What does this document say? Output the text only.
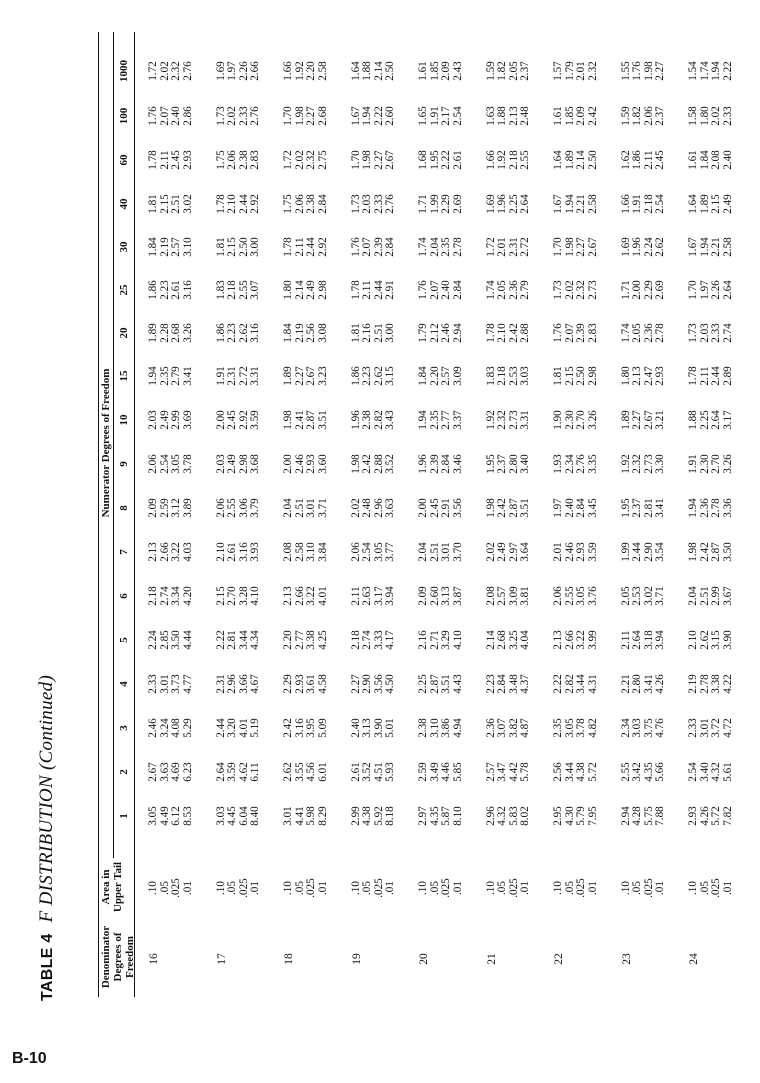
B-10
TABLE 4 F DISTRIBUTION (Continued)
Denominator Degrees of Freedom
Area in Upper Tail
Numerator Degrees of Freedom
1
2
3
4
5
6
7
8
9
10
15
20
25
30
40
60
100
1000
16
.10
3.05
2.67
2.46
2.33
2.24
2.18
2.13
2.09
2.06
2.03
1.94
1.89
1.86
1.84
1.81
1.78
1.76
1.72
.05
4.49
3.63
3.24
3.01
2.85
2.74
2.66
2.59
2.54
2.49
2.35
2.28
2.23
2.19
2.15
2.11
2.07
2.02
.025
6.12
4.69
4.08
3.73
3.50
3.34
3.22
3.12
3.05
2.99
2.79
2.68
2.61
2.57
2.51
2.45
2.40
2.32
.01
8.53
6.23
5.29
4.77
4.44
4.20
4.03
3.89
3.78
3.69
3.41
3.26
3.16
3.10
3.02
2.93
2.86
2.76
17
.10
3.03
2.64
2.44
2.31
2.22
2.15
2.10
2.06
2.03
2.00
1.91
1.86
1.83
1.81
1.78
1.75
1.73
1.69
.05
4.45
3.59
3.20
2.96
2.81
2.70
2.61
2.55
2.49
2.45
2.31
2.23
2.18
2.15
2.10
2.06
2.02
1.97
.025
6.04
4.62
4.01
3.66
3.44
3.28
3.16
3.06
2.98
2.92
2.72
2.62
2.55
2.50
2.44
2.38
2.33
2.26
.01
8.40
6.11
5.19
4.67
4.34
4.10
3.93
3.79
3.68
3.59
3.31
3.16
3.07
3.00
2.92
2.83
2.76
2.66
18
.10
3.01
2.62
2.42
2.29
2.20
2.13
2.08
2.04
2.00
1.98
1.89
1.84
1.80
1.78
1.75
1.72
1.70
1.66
.05
4.41
3.55
3.16
2.93
2.77
2.66
2.58
2.51
2.46
2.41
2.27
2.19
2.14
2.11
2.06
2.02
1.98
1.92
.025
5.98
4.56
3.95
3.61
3.38
3.22
3.10
3.01
2.93
2.87
2.67
2.56
2.49
2.44
2.38
2.32
2.27
2.20
.01
8.29
6.01
5.09
4.58
4.25
4.01
3.84
3.71
3.60
3.51
3.23
3.08
2.98
2.92
2.84
2.75
2.68
2.58
19
.10
2.99
2.61
2.40
2.27
2.18
2.11
2.06
2.02
1.98
1.96
1.86
1.81
1.78
1.76
1.73
1.70
1.67
1.64
.05
4.38
3.52
3.13
2.90
2.74
2.63
2.54
2.48
2.42
2.38
2.23
2.16
2.11
2.07
2.03
1.98
1.94
1.88
.025
5.92
4.51
3.90
3.56
3.33
3.17
3.05
2.96
2.88
2.82
2.62
2.51
2.44
2.39
2.33
2.27
2.22
2.14
.01
8.18
5.93
5.01
4.50
4.17
3.94
3.77
3.63
3.52
3.43
3.15
3.00
2.91
2.84
2.76
2.67
2.60
2.50
20
.10
2.97
2.59
2.38
2.25
2.16
2.09
2.04
2.00
1.96
1.94
1.84
1.79
1.76
1.74
1.71
1.68
1.65
1.61
.05
4.35
3.49
3.10
2.87
2.71
2.60
2.51
2.45
2.39
2.35
2.20
2.12
2.07
2.04
1.99
1.95
1.91
1.85
.025
5.87
4.46
3.86
3.51
3.29
3.13
3.01
2.91
2.84
2.77
2.57
2.46
2.40
2.35
2.29
2.22
2.17
2.09
.01
8.10
5.85
4.94
4.43
4.10
3.87
3.70
3.56
3.46
3.37
3.09
2.94
2.84
2.78
2.69
2.61
2.54
2.43
21
.10
2.96
2.57
2.36
2.23
2.14
2.08
2.02
1.98
1.95
1.92
1.83
1.78
1.74
1.72
1.69
1.66
1.63
1.59
.05
4.32
3.47
3.07
2.84
2.68
2.57
2.49
2.42
2.37
2.32
2.18
2.10
2.05
2.01
1.96
1.92
1.88
1.82
.025
5.83
4.42
3.82
3.48
3.25
3.09
2.97
2.87
2.80
2.73
2.53
2.42
2.36
2.31
2.25
2.18
2.13
2.05
.01
8.02
5.78
4.87
4.37
4.04
3.81
3.64
3.51
3.40
3.31
3.03
2.88
2.79
2.72
2.64
2.55
2.48
2.37
22
.10
2.95
2.56
2.35
2.22
2.13
2.06
2.01
1.97
1.93
1.90
1.81
1.76
1.73
1.70
1.67
1.64
1.61
1.57
.05
4.30
3.44
3.05
2.82
2.66
2.55
2.46
2.40
2.34
2.30
2.15
2.07
2.02
1.98
1.94
1.89
1.85
1.79
.025
5.79
4.38
3.78
3.44
3.22
3.05
2.93
2.84
2.76
2.70
2.50
2.39
2.32
2.27
2.21
2.14
2.09
2.01
.01
7.95
5.72
4.82
4.31
3.99
3.76
3.59
3.45
3.35
3.26
2.98
2.83
2.73
2.67
2.58
2.50
2.42
2.32
23
.10
2.94
2.55
2.34
2.21
2.11
2.05
1.99
1.95
1.92
1.89
1.80
1.74
1.71
1.69
1.66
1.62
1.59
1.55
.05
4.28
3.42
3.03
2.80
2.64
2.53
2.44
2.37
2.32
2.27
2.13
2.05
2.00
1.96
1.91
1.86
1.82
1.76
.025
5.75
4.35
3.75
3.41
3.18
3.02
2.90
2.81
2.73
2.67
2.47
2.36
2.29
2.24
2.18
2.11
2.06
1.98
.01
7.88
5.66
4.76
4.26
3.94
3.71
3.54
3.41
3.30
3.21
2.93
2.78
2.69
2.62
2.54
2.45
2.37
2.27
24
.10
2.93
2.54
2.33
2.19
2.10
2.04
1.98
1.94
1.91
1.88
1.78
1.73
1.70
1.67
1.64
1.61
1.58
1.54
.05
4.26
3.40
3.01
2.78
2.62
2.51
2.42
2.36
2.30
2.25
2.11
2.03
1.97
1.94
1.89
1.84
1.80
1.74
.025
5.72
4.32
3.72
3.38
3.15
2.99
2.87
2.78
2.70
2.64
2.44
2.33
2.26
2.21
2.15
2.08
2.02
1.94
.01
7.82
5.61
4.72
4.22
3.90
3.67
3.50
3.36
3.26
3.17
2.89
2.74
2.64
2.58
2.49
2.40
2.33
2.22
